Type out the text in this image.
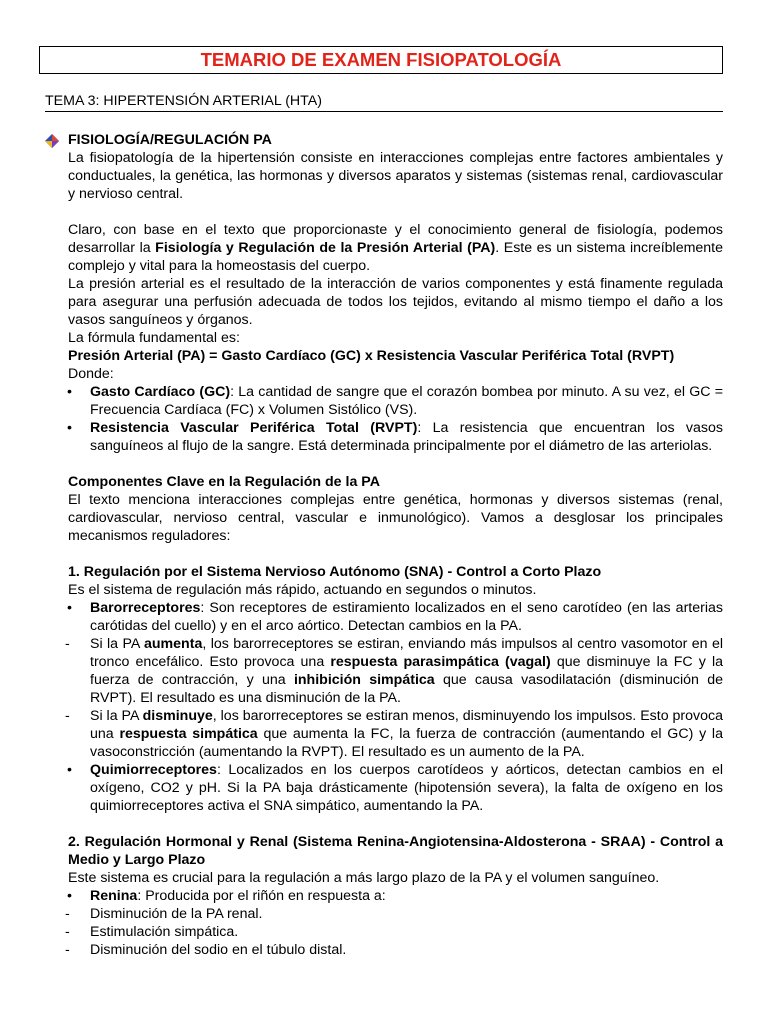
TEMARIO DE EXAMEN FISIOPATOLOGÍA
TEMA 3: HIPERTENSIÓN ARTERIAL (HTA)
FISIOLOGÍA/REGULACIÓN PA

La fisiopatología de la hipertensión consiste en interacciones complejas entre factores ambientales y conductuales, la genética, las hormonas y diversos aparatos y sistemas (sistemas renal, cardiovascular y nervioso central.

Claro, con base en el texto que proporcionaste y el conocimiento general de fisiología, podemos desarrollar la Fisiología y Regulación de la Presión Arterial (PA). Este es un sistema increíblemente complejo y vital para la homeostasis del cuerpo.

La presión arterial es el resultado de la interacción de varios componentes y está finamente regulada para asegurar una perfusión adecuada de todos los tejidos, evitando al mismo tiempo el daño a los vasos sanguíneos y órganos.

La fórmula fundamental es:

Presión Arterial (PA) = Gasto Cardíaco (GC) x Resistencia Vascular Periférica Total (RVPT)

Donde:

• Gasto Cardíaco (GC): La cantidad de sangre que el corazón bombea por minuto. A su vez, el GC = Frecuencia Cardíaca (FC) x Volumen Sistólico (VS).
• Resistencia Vascular Periférica Total (RVPT): La resistencia que encuentran los vasos sanguíneos al flujo de la sangre. Está determinada principalmente por el diámetro de las arteriolas.

Componentes Clave en la Regulación de la PA

El texto menciona interacciones complejas entre genética, hormonas y diversos sistemas (renal, cardiovascular, nervioso central, vascular e inmunológico). Vamos a desglosar los principales mecanismos reguladores:

1. Regulación por el Sistema Nervioso Autónomo (SNA) - Control a Corto Plazo

Es el sistema de regulación más rápido, actuando en segundos o minutos.

• Barorreceptores: Son receptores de estiramiento localizados en el seno carotídeo (en las arterias carótidas del cuello) y en el arco aórtico. Detectan cambios en la PA.
- Si la PA aumenta, los barorreceptores se estiran, enviando más impulsos al centro vasomotor en el tronco encefálico. Esto provoca una respuesta parasimpática (vagal) que disminuye la FC y la fuerza de contracción, y una inhibición simpática que causa vasodilatación (disminución de RVPT). El resultado es una disminución de la PA.
- Si la PA disminuye, los barorreceptores se estiran menos, disminuyendo los impulsos. Esto provoca una respuesta simpática que aumenta la FC, la fuerza de contracción (aumentando el GC) y la vasoconstricción (aumentando la RVPT). El resultado es un aumento de la PA.
• Quimiorreceptores: Localizados en los cuerpos carotídeos y aórticos, detectan cambios en el oxígeno, CO2 y pH. Si la PA baja drásticamente (hipotensión severa), la falta de oxígeno en los quimiorreceptores activa el SNA simpático, aumentando la PA.

2. Regulación Hormonal y Renal (Sistema Renina-Angiotensina-Aldosterona - SRAA) - Control a Medio y Largo Plazo

Este sistema es crucial para la regulación a más largo plazo de la PA y el volumen sanguíneo.

• Renina: Producida por el riñón en respuesta a:
- Disminución de la PA renal.
- Estimulación simpática.
- Disminución del sodio en el túbulo distal.
